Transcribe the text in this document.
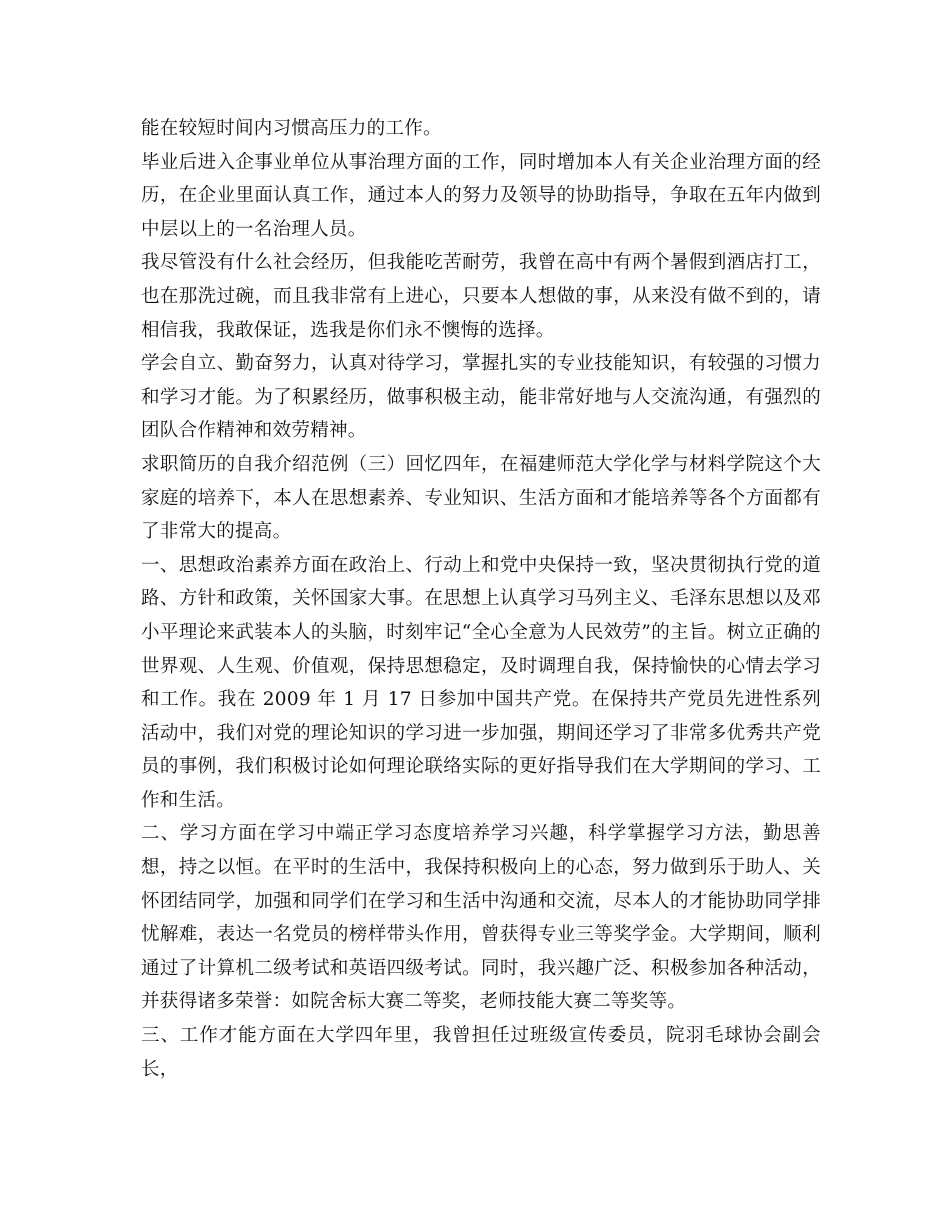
能在较短时间内习惯高压力的工作。

毕业后进入企事业单位从事治理方面的工作，同时增加本人有关企业治理方面的经历，在企业里面认真工作，通过本人的努力及领导的协助指导，争取在五年内做到中层以上的一名治理人员。

我尽管没有什么社会经历，但我能吃苦耐劳，我曾在高中有两个暑假到酒店打工，也在那洗过碗，而且我非常有上进心，只要本人想做的事，从来没有做不到的，请相信我，我敢保证，选我是你们永不懊悔的选择。

学会自立、勤奋努力，认真对待学习，掌握扎实的专业技能知识，有较强的习惯力和学习才能。为了积累经历，做事积极主动，能非常好地与人交流沟通，有强烈的团队合作精神和效劳精神。

求职简历的自我介绍范例（三）回忆四年，在福建师范大学化学与材料学院这个大家庭的培养下，本人在思想素养、专业知识、生活方面和才能培养等各个方面都有了非常大的提高。

一、思想政治素养方面在政治上、行动上和党中央保持一致，坚决贯彻执行党的道路、方针和政策，关怀国家大事。在思想上认真学习马列主义、毛泽东思想以及邓小平理论来武装本人的头脑，时刻牢记“全心全意为人民效劳”的主旨。树立正确的世界观、人生观、价值观，保持思想稳定，及时调理自我，保持愉快的心情去学习和工作。我在 2009 年 1 月 17 日参加中国共产党。在保持共产党员先进性系列活动中，我们对党的理论知识的学习进一步加强，期间还学习了非常多优秀共产党员的事例，我们积极讨论如何理论联络实际的更好指导我们在大学期间的学习、工作和生活。

二、学习方面在学习中端正学习态度培养学习兴趣，科学掌握学习方法，勤思善想，持之以恒。在平时的生活中，我保持积极向上的心态，努力做到乐于助人、关怀团结同学，加强和同学们在学习和生活中沟通和交流，尽本人的才能协助同学排忧解难，表达一名党员的榜样带头作用，曾获得专业三等奖学金。大学期间，顺利通过了计算机二级考试和英语四级考试。同时，我兴趣广泛、积极参加各种活动，并获得诸多荣誉：如院舍标大赛二等奖，老师技能大赛二等奖等。

三、工作才能方面在大学四年里，我曾担任过班级宣传委员，院羽毛球协会副会长，
